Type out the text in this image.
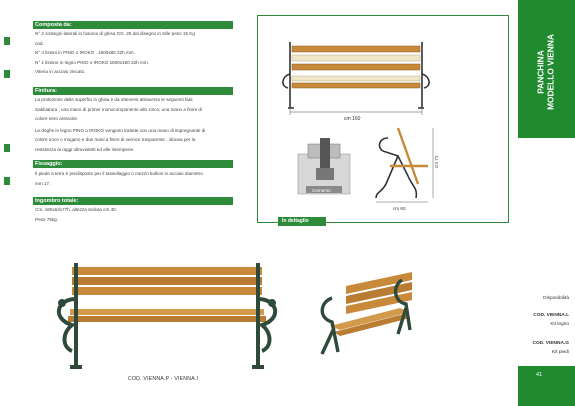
Composta da:
N° 2 sostegni laterali in fusione di ghisa GG. 25 dal disegno in stile peso 15 Kg
cad.
N° 4 listoni in PINO o IROKO , 1600x80 32h mm.
N° 1 listone in legno PINO o IROKO 1600x180 32h mm.
Viteria in acciaio zincato.
Finitura:
La protezione delle superfici in ghisa è da ottenersi attraverso le seguenti fasi:
Sabbiatura ; una mano di primer monocomponente allo zinco; una mano a finire di
colore nero antracite.
Le doghe in legno PINO o IROKO vengono trattate con una mano di impregnante di
colore noce o mogano e due mani a finire di vernice trasparente , idonea per la
resistenza ai raggi ultravioletti ed alle intemperie.
Fissaggio:
Il piede a terra è predisposto per il tassellaggio o mezzo bulloni in acciaio diametro
mm 17.
Ingombro totale:
Cm. 160x64x77h. altezza seduta cm 40.
Peso 75kg.
cm 160
Cemento
cm 60
cm 72
In dettaglio
PANCHINA MODELLO VIENNA
Disponibilità
COD. VIENNA.L
Kit legno
COD. VIENNA.G
Kit piedi
41
COD. VIENNA.P - VIENNA.I
